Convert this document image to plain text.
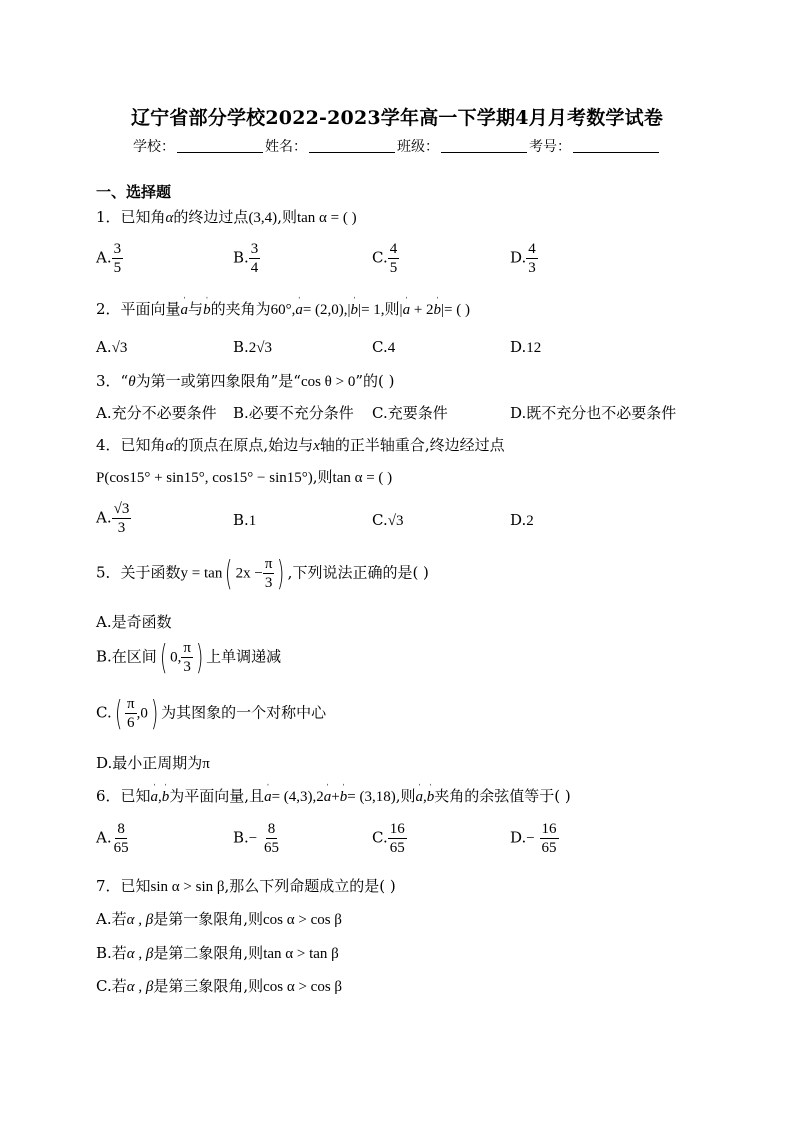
辽宁省部分学校2022-2023学年高一下学期4月月考数学试卷
学校：	姓名：	班级：	考号：
一、选择题
1．已知角α的终边过点(3,4),则tan α = ( )
A. $\frac{3}{5}$	B. $\frac{3}{4}$	C. $\frac{4}{5}$	D. $\frac{4}{3}$
2．平面向量ˈ a与ˈ b的夹角为60°,ˈ a= (2,0),|ˈ b|= 1,则|ˈ a + 2ˈ b|= ( )
A.√3	B.2√3	C.4	D.12
3．“θ为第一或第四象限角”是“cos θ > 0”的( )
A.充分不必要条件 B.必要不充分条件 C.充要条件	D.既不充分也不必要条件
4．已知角α的顶点在原点,始边与x轴的正半轴重合,终边经过点
P(cos15° + sin15°, cos15° − sin15°),则tan α = ( )
A. $\frac{√3}{3}$	B.1	C.√3	D.2
5．关于函数y = tan( $2x - \frac{\pi}{3}$ ) ,下列说法正确的是( )
A.是奇函数
B.在区间( 0, $\frac{\pi}{3}$ ) 上单调递减
$C.( \frac{\pi}{6} ,0)$ 为其图象的一个对称中心
D.最小正周期为π
6．已知ˈ a,ˈ b为平面向量,且ˈ a= (4,3),2ˈ a+ˈ b= (3,18),则ˈ a,ˈ b夹角的余弦值等于( )
A. $\frac{8}{65}$	$B.- \frac{8}{65}$	C. $\frac{16}{65}$	$D.- \frac{16}{65}$
7．已知sin α > sin β,那么下列命题成立的是( )
A.若α , β是第一象限角,则cos α > cos β
B.若α , β是第二象限角,则tan α > tan β
C.若α , β是第三象限角,则cos α > cos β
